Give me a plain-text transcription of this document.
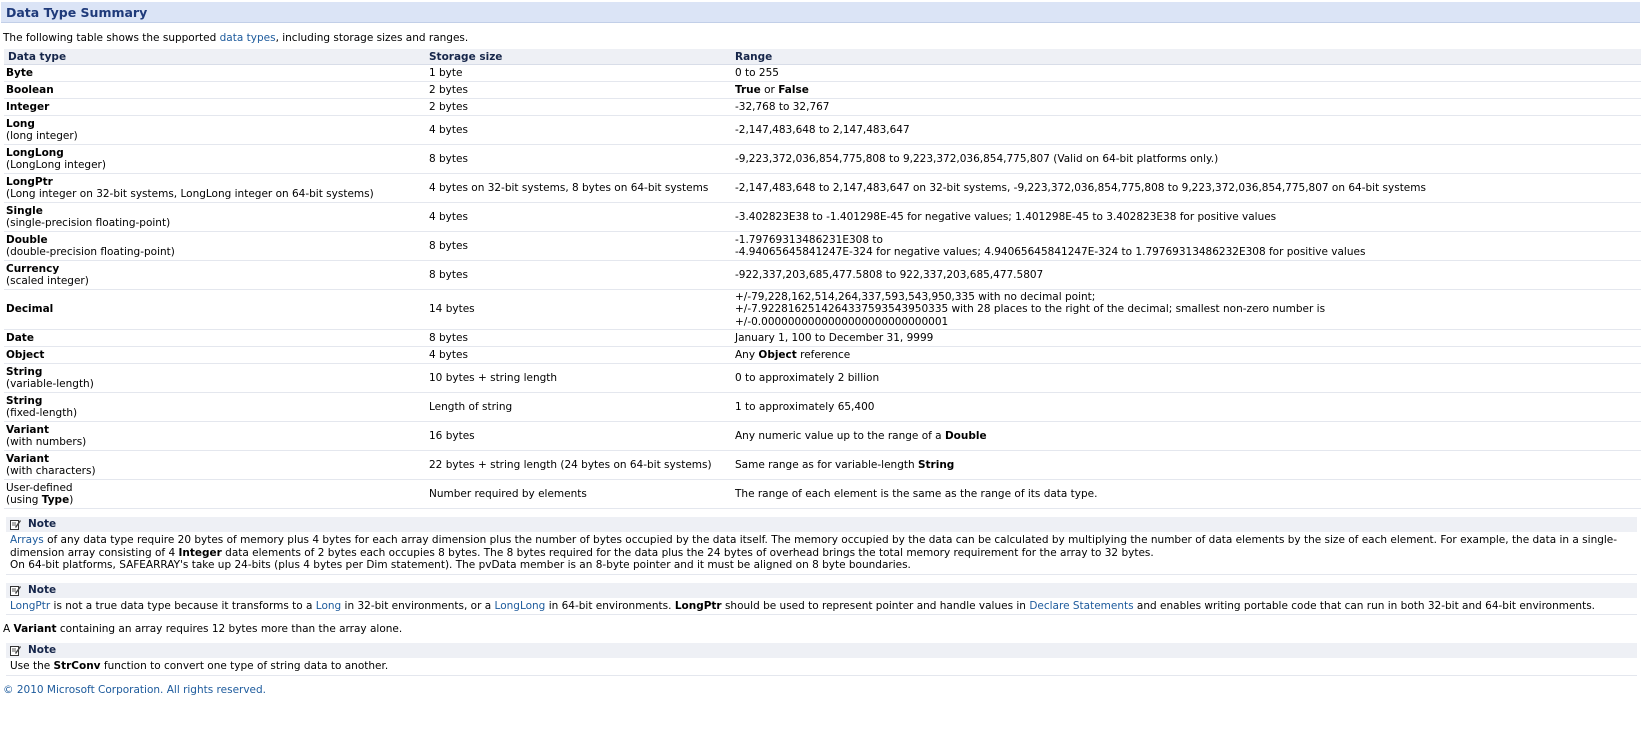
Data Type Summary
The following table shows the supported data types, including storage sizes and ranges.
Data type	Storage size	Range
Byte	1 byte	0 to 255
Boolean	2 bytes	True or False
Integer	2 bytes	-32,768 to 32,767
Long
(long integer)	4 bytes	-2,147,483,648 to 2,147,483,647
LongLong
(LongLong integer)	8 bytes	-9,223,372,036,854,775,808 to 9,223,372,036,854,775,807 (Valid on 64-bit platforms only.)
LongPtr
(Long integer on 32-bit systems, LongLong integer on 64-bit systems)	4 bytes on 32-bit systems, 8 bytes on 64-bit systems	-2,147,483,648 to 2,147,483,647 on 32-bit systems, -9,223,372,036,854,775,808 to 9,223,372,036,854,775,807 on 64-bit systems
Single
(single-precision floating-point)	4 bytes	-3.402823E38 to -1.401298E-45 for negative values; 1.401298E-45 to 3.402823E38 for positive values
Double
(double-precision floating-point)	8 bytes	-1.79769313486231E308 to
-4.94065645841247E-324 for negative values; 4.94065645841247E-324 to 1.79769313486232E308 for positive values
Currency
(scaled integer)	8 bytes	-922,337,203,685,477.5808 to 922,337,203,685,477.5807
Decimal	14 bytes	+/-79,228,162,514,264,337,593,543,950,335 with no decimal point;
+/-7.9228162514264337593543950335 with 28 places to the right of the decimal; smallest non-zero number is
+/-0.0000000000000000000000000001
Date	8 bytes	January 1, 100 to December 31, 9999
Object	4 bytes	Any Object reference
String
(variable-length)	10 bytes + string length	0 to approximately 2 billion
String
(fixed-length)	Length of string	1 to approximately 65,400
Variant
(with numbers)	16 bytes	Any numeric value up to the range of a Double
Variant
(with characters)	22 bytes + string length (24 bytes on 64-bit systems)	Same range as for variable-length String
User-defined
(using Type)	Number required by elements	The range of each element is the same as the range of its data type.
Note
Arrays of any data type require 20 bytes of memory plus 4 bytes for each array dimension plus the number of bytes occupied by the data itself. The memory occupied by the data can be calculated by multiplying the number of data elements by the size of each element. For example, the data in a single-dimension array consisting of 4 Integer data elements of 2 bytes each occupies 8 bytes. The 8 bytes required for the data plus the 24 bytes of overhead brings the total memory requirement for the array to 32 bytes.
On 64-bit platforms, SAFEARRAY's take up 24-bits (plus 4 bytes per Dim statement). The pvData member is an 8-byte pointer and it must be aligned on 8 byte boundaries.
Note
LongPtr is not a true data type because it transforms to a Long in 32-bit environments, or a LongLong in 64-bit environments. LongPtr should be used to represent pointer and handle values in Declare Statements and enables writing portable code that can run in both 32-bit and 64-bit environments.
A Variant containing an array requires 12 bytes more than the array alone.
Note
Use the StrConv function to convert one type of string data to another.
© 2010 Microsoft Corporation. All rights reserved.
